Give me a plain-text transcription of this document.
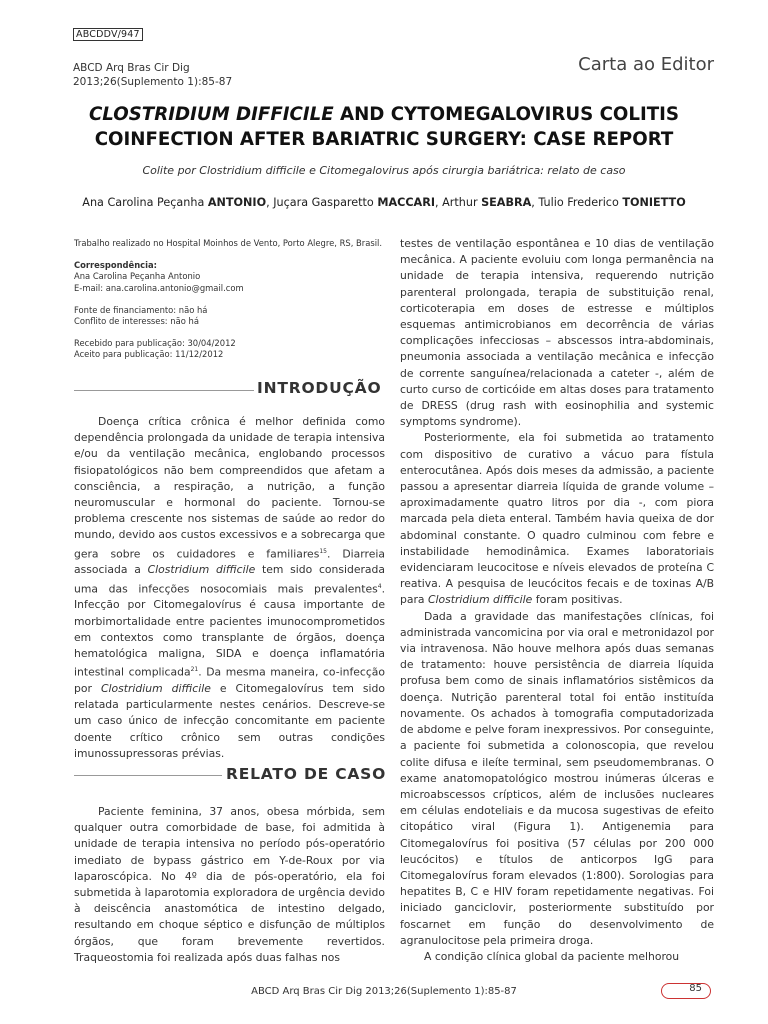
ABCDDV/947
ABCD Arq Bras Cir Dig
2013;26(Suplemento 1):85-87
Carta ao Editor
CLOSTRIDIUM DIFFICILE AND CYTOMEGALOVIRUS COLITIS
COINFECTION AFTER BARIATRIC SURGERY: CASE REPORT
Colite por Clostridium difficile e Citomegalovirus após cirurgia bariátrica: relato de caso
Ana Carolina Peçanha ANTONIO, Juçara Gasparetto MACCARI, Arthur SEABRA, Tulio Frederico TONIETTO

Trabalho realizado no Hospital Moinhos de Vento, Porto Alegre, RS, Brasil.

Correspondência:

Ana Carolina Peçanha Antonio

E-mail: ana.carolina.antonio@gmail.com

Fonte de financiamento: não há

Conflito de interesses: não há

Recebido para publicação: 30/04/2012

Aceito para publicação: 11/12/2012

INTRODUÇÃO

Doença crítica crônica é melhor definida como dependência prolongada da unidade de terapia intensiva e/ou da ventilação mecânica, englobando processos fisiopatológicos não bem compreendidos que afetam a consciência, a respiração, a nutrição, a função neuromuscular e hormonal do paciente. Tornou-se problema crescente nos sistemas de saúde ao redor do mundo, devido aos custos excessivos e a sobrecarga que gera sobre os cuidadores e familiares$^{15}$. Diarreia associada a Clostridium difficile tem sido considerada uma das infecções nosocomiais mais prevalentes$^4$. Infecção por Citomegalovírus é causa importante de morbimortalidade entre pacientes imunocomprometidos em contextos como transplante de órgãos, doença hematológica maligna, SIDA e doença inflamatória intestinal complicada$^{21}$. Da mesma maneira, co-infecção por Clostridium difficile e Citomegalovírus tem sido relatada particularmente nestes cenários. Descreve-se um caso único de infecção concomitante em paciente doente crítico crônico sem outras condições imunossupressoras prévias.

RELATO DE CASO

Paciente feminina, 37 anos, obesa mórbida, sem qualquer outra comorbidade de base, foi admitida à unidade de terapia intensiva no período pós-operatório imediato de bypass gástrico em Y-de-Roux por via laparoscópica. No 4º dia de pós-operatório, ela foi submetida à laparotomia exploradora de urgência devido à deiscência anastomótica de intestino delgado, resultando em choque séptico e disfunção de múltiplos órgãos, que foram brevemente revertidos. Traqueostomia foi realizada após duas falhas nos

testes de ventilação espontânea e 10 dias de ventilação mecânica. A paciente evoluiu com longa permanência na unidade de terapia intensiva, requerendo nutrição parenteral prolongada, terapia de substituição renal, corticoterapia em doses de estresse e múltiplos esquemas antimicrobianos em decorrência de várias complicações infecciosas – abscessos intra-abdominais, pneumonia associada a ventilação mecânica e infecção de corrente sanguínea/relacionada a cateter -, além de curto curso de corticóide em altas doses para tratamento de DRESS (drug rash with eosinophilia and systemic symptoms syndrome).

Posteriormente, ela foi submetida ao tratamento com dispositivo de curativo a vácuo para fístula enterocutânea. Após dois meses da admissão, a paciente passou a apresentar diarreia líquida de grande volume – aproximadamente quatro litros por dia -, com piora marcada pela dieta enteral. Também havia queixa de dor abdominal constante. O quadro culminou com febre e instabilidade hemodinâmica. Exames laboratoriais evidenciaram leucocitose e níveis elevados de proteína C reativa. A pesquisa de leucócitos fecais e de toxinas A/B para Clostridium difficile foram positivas.

Dada a gravidade das manifestações clínicas, foi administrada vancomicina por via oral e metronidazol por via intravenosa. Não houve melhora após duas semanas de tratamento: houve persistência de diarreia líquida profusa bem como de sinais inflamatórios sistêmicos da doença. Nutrição parenteral total foi então instituída novamente. Os achados à tomografia computadorizada de abdome e pelve foram inexpressivos. Por conseguinte, a paciente foi submetida a colonoscopia, que revelou colite difusa e ileíte terminal, sem pseudomembranas. O exame anatomopatológico mostrou inúmeras úlceras e microabscessos crípticos, além de inclusões nucleares em células endoteliais e da mucosa sugestivas de efeito citopático viral (Figura 1). Antigenemia para Citomegalovírus foi positiva (57 células por 200 000 leucócitos) e títulos de anticorpos IgG para Citomegalovírus foram elevados (1:800). Sorologias para hepatites B, C e HIV foram repetidamente negativas. Foi iniciado ganciclovir, posteriormente substituído por foscarnet em função do desenvolvimento de agranulocitose pela primeira droga.

A condição clínica global da paciente melhorou

ABCD Arq Bras Cir Dig 2013;26(Suplemento 1):85-87	85
